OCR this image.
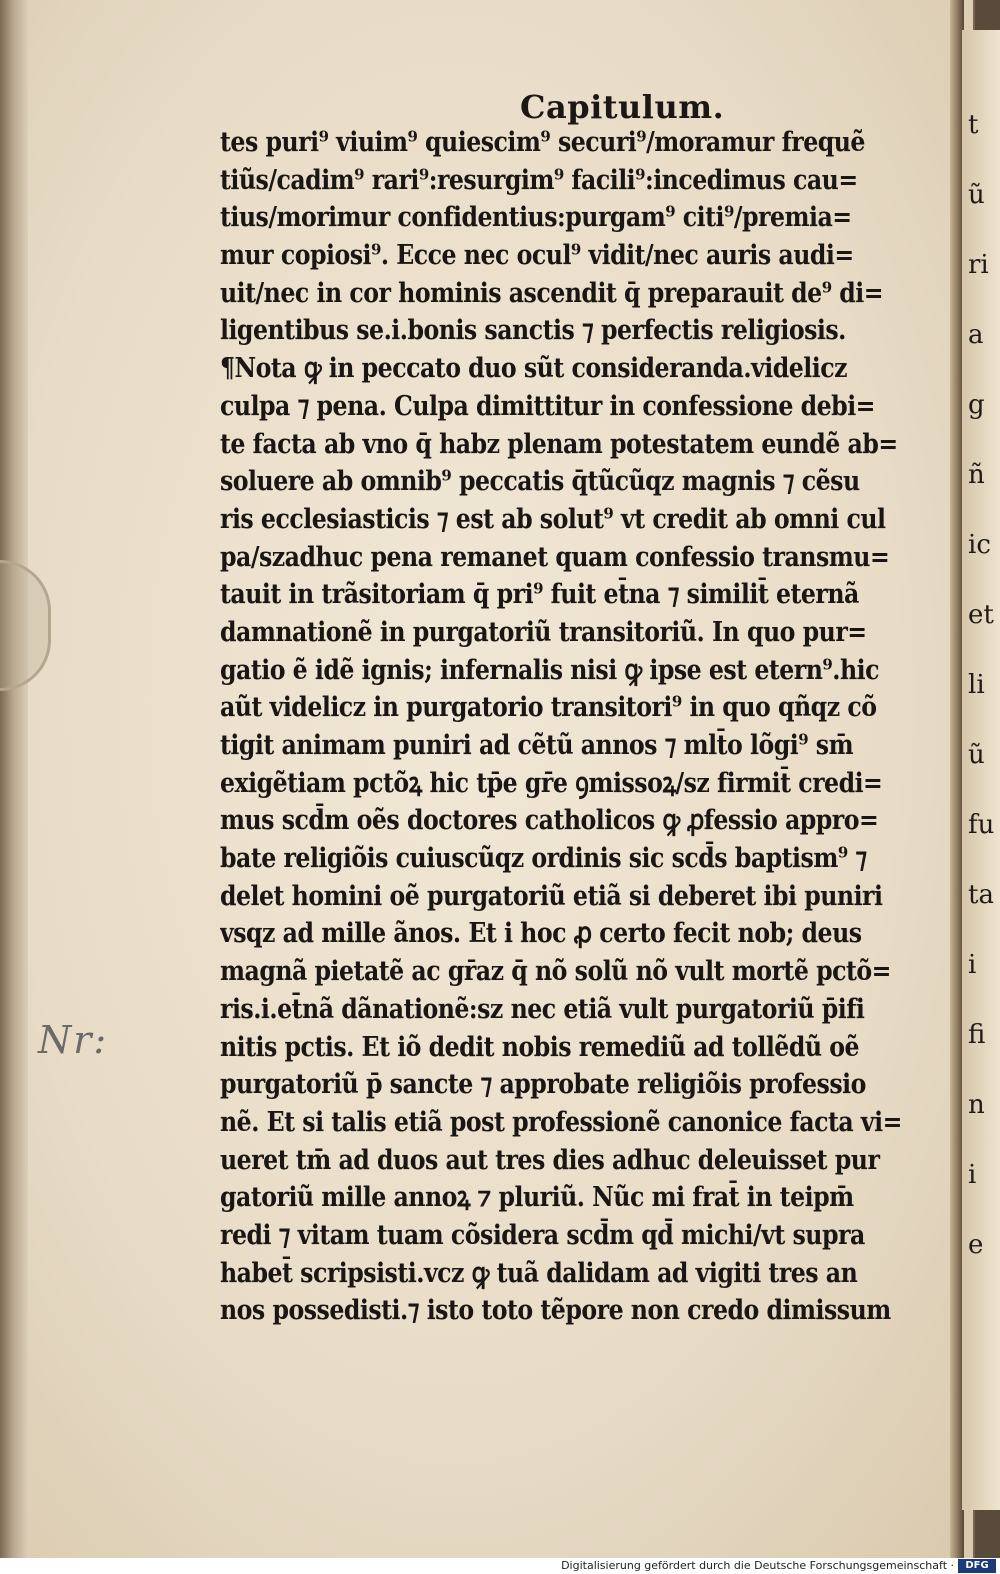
t
ũ
ri
a
g
ñ
ic
et
li
ũ
fu
ta
i
fi
n
i
e
Capitulum.
tes puri⁹ viuim⁹ quiescim⁹ securi⁹/moramur frequẽ
tiũs/cadim⁹ rari⁹:resurgim⁹ facili⁹:incedimus cau=
tius/morimur confidentius:purgam⁹ citi⁹/premia=
mur copiosi⁹. Ecce nec ocul⁹ vidit/nec auris audi=
uit/nec in cor hominis ascendit q̄ preparauit de⁹ di=
ligentibus se.i.bonis sanctis ⁊ perfectis religiosis.
¶Nota ꝙ in peccato duo sũt consideranda.videlicz
culpa ⁊ pena. Culpa dimittitur in confessione debi=
te facta ab vno q̄ habz plenam potestatem eundẽ ab=
soluere ab omnib⁹ peccatis q̄tũcũqz magnis ⁊ cẽsu
ris ecclesiasticis ⁊ est ab solut⁹ vt credit ab omni cul
pa/szadhuc pena remanet quam confessio transmu=
tauit in trãsitoriam q̄ pri⁹ fuit et̄na ⁊ similit̄ eternã
damnationẽ in purgatoriũ transitoriũ. In quo pur=
gatio ẽ idẽ ignis; infernalis nisi ꝙ ipse est etern⁹.hic
aũt videlicz in purgatorio transitori⁹ in quo qñqz cõ
tigit animam puniri ad cẽtũ annos ⁊ mlt̄o lõgi⁹ sm̄
exigẽtiam pctõꝝ hic tp̄e gr̄e ꝯmissoꝝ/sz firmit̄ credi=
mus scd̄m oẽs doctores catholicos ꝙ ꝓfessio appro=
bate religiõis cuiuscũqz ordinis sic scd̄s baptism⁹ ⁊
delet homini oẽ purgatoriũ etiã si deberet ibi puniri
vsqz ad mille ãnos. Et i hoc ꝓ certo fecit nob; deus
magnã pietatẽ ac gr̄az q̄ nõ solũ nõ vult mortẽ pctõ=
ris.i.et̄nã dãnationẽ:sz nec etiã vult purgatoriũ p̄ifi
nitis pctis. Et iõ dedit nobis remediũ ad tollẽdũ oẽ
purgatoriũ p̄ sancte ⁊ approbate religiõis professio
nẽ. Et si talis etiã post professionẽ canonice facta vi=
ueret tm̄ ad duos aut tres dies adhuc deleuisset pur
gatoriũ mille annoꝝ ⁊ pluriũ. Nũc mi frat̄ in teipm̄
redi ⁊ vitam tuam cõsidera scd̄m qd̄ michi/vt supra
habet̄ scripsisti.vcz ꝙ tuã dalidam ad vigiti tres an
nos possedisti.⁊ isto toto tẽpore non credo dimissum
Nr:
Digitalisierung gefördert durch die Deutsche Forschungsgemeinschaft ·	DFG
